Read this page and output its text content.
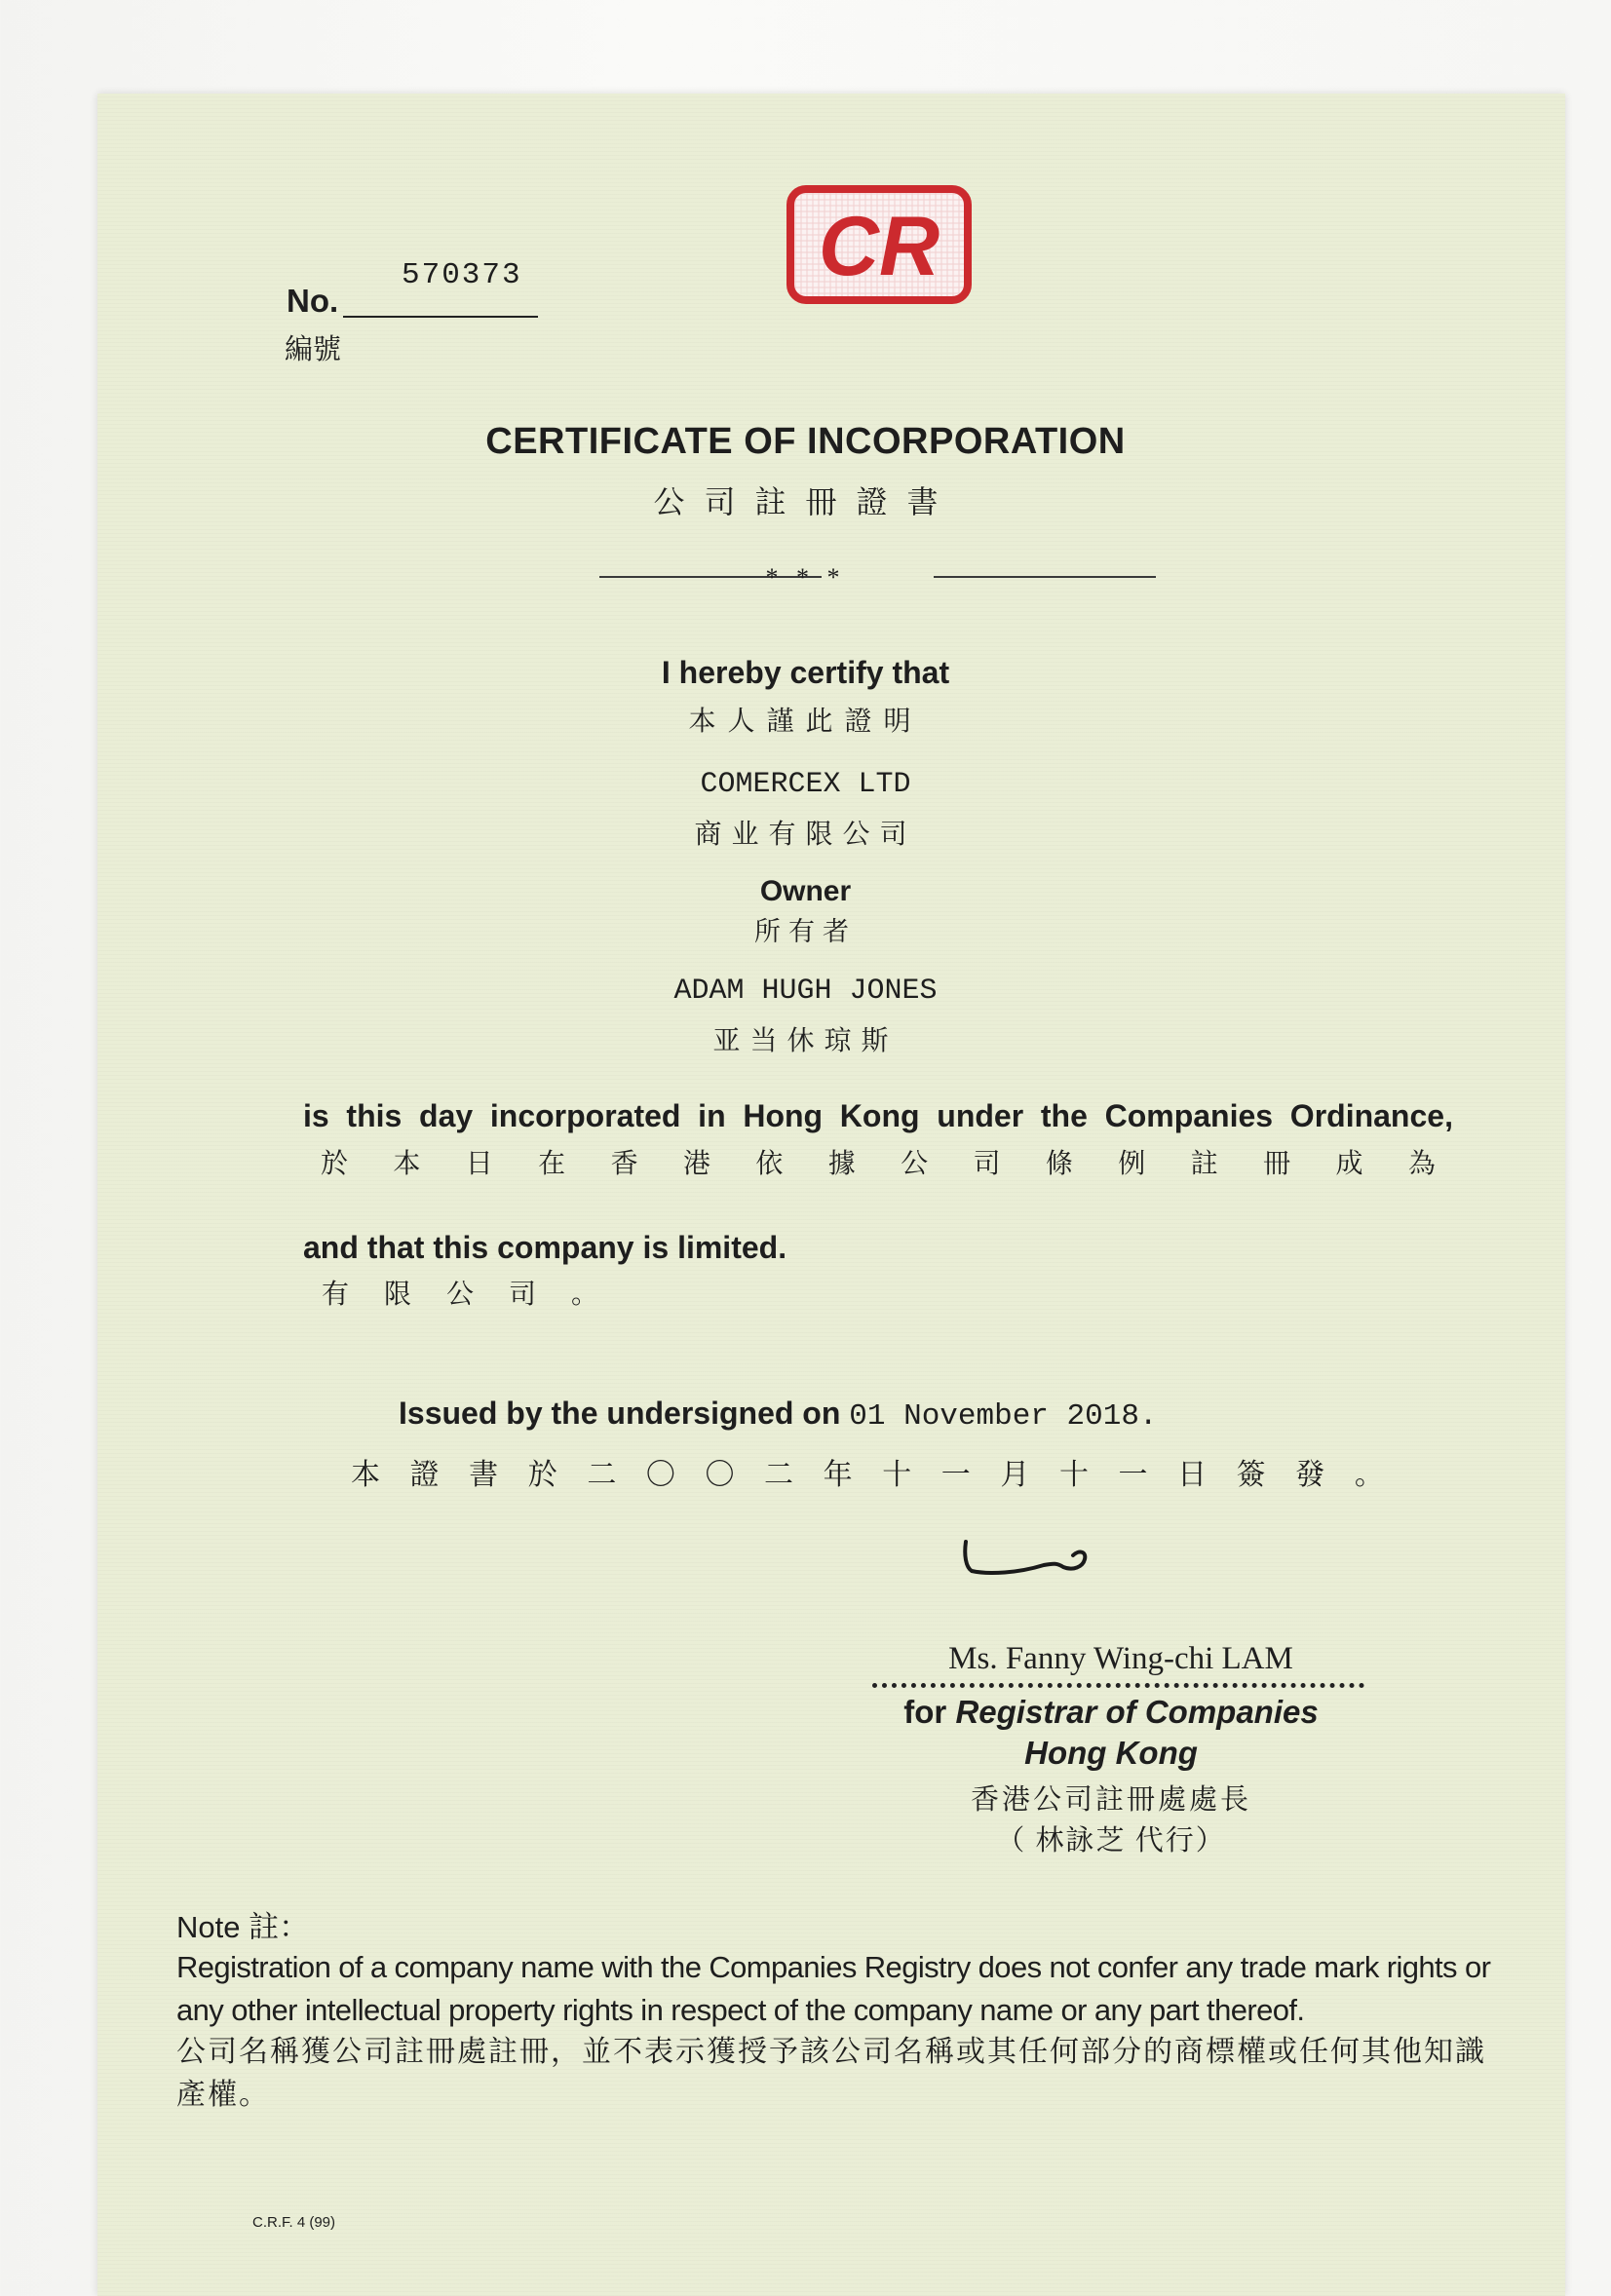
CR
No.
570373
編號
CERTIFICATE OF INCORPORATION
公司註冊證書
* * *
I hereby certify that
本人謹此證明
COMERCEX LTD
商业有限公司
Owner
所有者
ADAM HUGH JONES
亚当休琼斯
is this day incorporated in Hong Kong under the Companies Ordinance,
於 本 日 在 香 港 依 據 公 司 條 例 註 冊 成 為
and that this company is limited.
有限公司。
Issued by the undersigned on 01 November 2018.
本 證 書 於 二 〇 〇 二 年 十 一 月 十 一 日 簽 發 。
Ms. Fanny Wing-chi LAM
for Registrar of Companies
Hong Kong
香港公司註冊處處長
（ 林詠芝 代行）
Note 註：
Registration of a company name with the Companies Registry does not confer any trade mark rights or any other intellectual property rights in respect of the company name or any part thereof.
公司名稱獲公司註冊處註冊，並不表示獲授予該公司名稱或其任何部分的商標權或任何其他知識產權。
C.R.F. 4 (99)
